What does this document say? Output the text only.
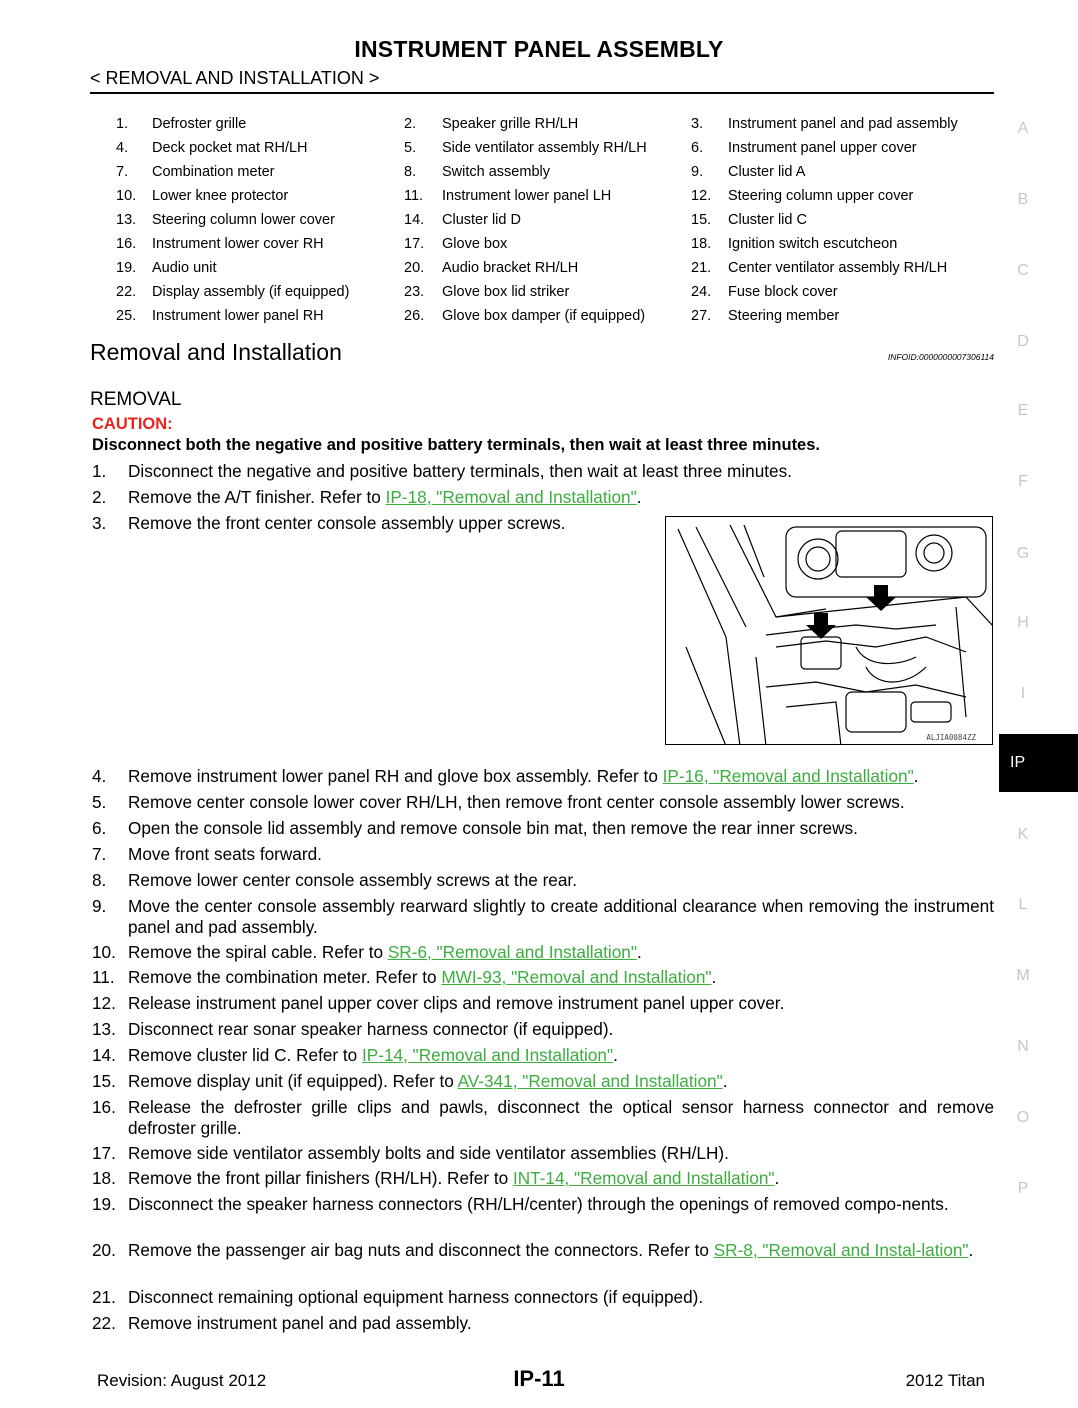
INSTRUMENT PANEL ASSEMBLY
< REMOVAL AND INSTALLATION >
1. Defroster grille	2. Speaker grille RH/LH	3. Instrument panel and pad assembly
4. Deck pocket mat RH/LH	5. Side ventilator assembly RH/LH	6. Instrument panel upper cover
7. Combination meter	8. Switch assembly	9. Cluster lid A
10. Lower knee protector	11. Instrument lower panel LH	12. Steering column upper cover
13. Steering column lower cover	14. Cluster lid D	15. Cluster lid C
16. Instrument lower cover RH	17. Glove box	18. Ignition switch escutcheon
19. Audio unit	20. Audio bracket RH/LH	21. Center ventilator assembly RH/LH
22. Display assembly (if equipped)	23. Glove box lid striker	24. Fuse block cover
25. Instrument lower panel RH	26. Glove box damper (if equipped)	27. Steering member
Removal and Installation	INFOID:0000000007306114
REMOVAL
CAUTION:
Disconnect both the negative and positive battery terminals, then wait at least three minutes.
1. Disconnect the negative and positive battery terminals, then wait at least three minutes.
2. Remove the A/T finisher. Refer to IP-18, "Removal and Installation".
3. Remove the front center console assembly upper screws.
4. Remove instrument lower panel RH and glove box assembly. Refer to IP-16, "Removal and Installation".
5. Remove center console lower cover RH/LH, then remove front center console assembly lower screws.
6. Open the console lid assembly and remove console bin mat, then remove the rear inner screws.
7. Move front seats forward.
8. Remove lower center console assembly screws at the rear.
9. Move the center console assembly rearward slightly to create additional clearance when removing the instrument panel and pad assembly.
10. Remove the spiral cable. Refer to SR-6, "Removal and Installation".
11. Remove the combination meter. Refer to MWI-93, "Removal and Installation".
12. Release instrument panel upper cover clips and remove instrument panel upper cover.
13. Disconnect rear sonar speaker harness connector (if equipped).
14. Remove cluster lid C. Refer to IP-14, "Removal and Installation".
15. Remove display unit (if equipped). Refer to AV-341, "Removal and Installation".
16. Release the defroster grille clips and pawls, disconnect the optical sensor harness connector and remove defroster grille.
17. Remove side ventilator assembly bolts and side ventilator assemblies (RH/LH).
18. Remove the front pillar finishers (RH/LH). Refer to INT-14, "Removal and Installation".
19. Disconnect the speaker harness connectors (RH/LH/center) through the openings of removed compo-nents.
20. Remove the passenger air bag nuts and disconnect the connectors. Refer to SR-8, "Removal and Instal-lation".
21. Disconnect remaining optional equipment harness connectors (if equipped).
22. Remove instrument panel and pad assembly.
ALJIA0084ZZ
A
B
C
D
E
F
G
H
I
K
L
M
N
O
P
IP
Revision: August 2012	IP-11	2012 Titan
